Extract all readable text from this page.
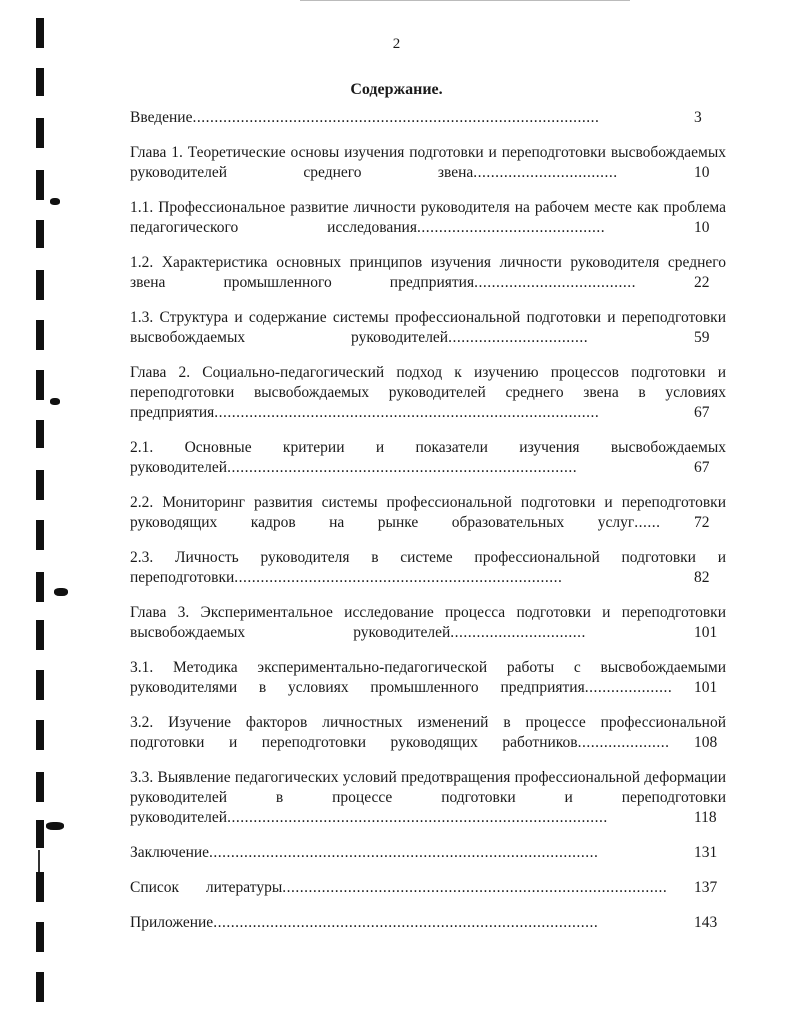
2
Содержание.
Введение.............................................................................................	3
Глава 1. Теоретические основы изучения подготовки и переподготовки высвобождаемых руководителей среднего звена.................................	10
1.1. Профессиональное развитие личности руководителя на рабочем месте как проблема педагогического исследования...........................................	10
1.2. Характеристика основных принципов изучения личности руководителя среднего звена промышленного предприятия.....................................	22
1.3. Структура и содержание системы профессиональной подготовки и переподготовки высвобождаемых руководителей................................	59
Глава 2. Социально-педагогический подход к изучению процессов подготовки и переподготовки высвобождаемых руководителей среднего звена в условиях предприятия........................................................................................	67
2.1. Основные критерии и показатели изучения высвобождаемых руководителей................................................................................	67
2.2. Мониторинг развития системы профессиональной подготовки и переподготовки руководящих кадров на рынке образовательных услуг...... 72
2.3. Личность руководителя в системе профессиональной подготовки и переподготовки...........................................................................	82
Глава 3. Экспериментальное исследование процесса подготовки и переподготовки высвобождаемых руководителей...............................	101
3.1. Методика экспериментально-педагогической работы с высвобождаемыми руководителями в условиях промышленного предприятия.................... 101
3.2. Изучение факторов личностных изменений в процессе профессиональной подготовки и переподготовки руководящих работников..................... 108
3.3. Выявление педагогических условий предотвращения профессиональной деформации руководителей в процессе подготовки и переподготовки руководителей.......................................................................................	118
Заключение.........................................................................................	131
Список литературы........................................................................................ 137
Приложение........................................................................................	143
